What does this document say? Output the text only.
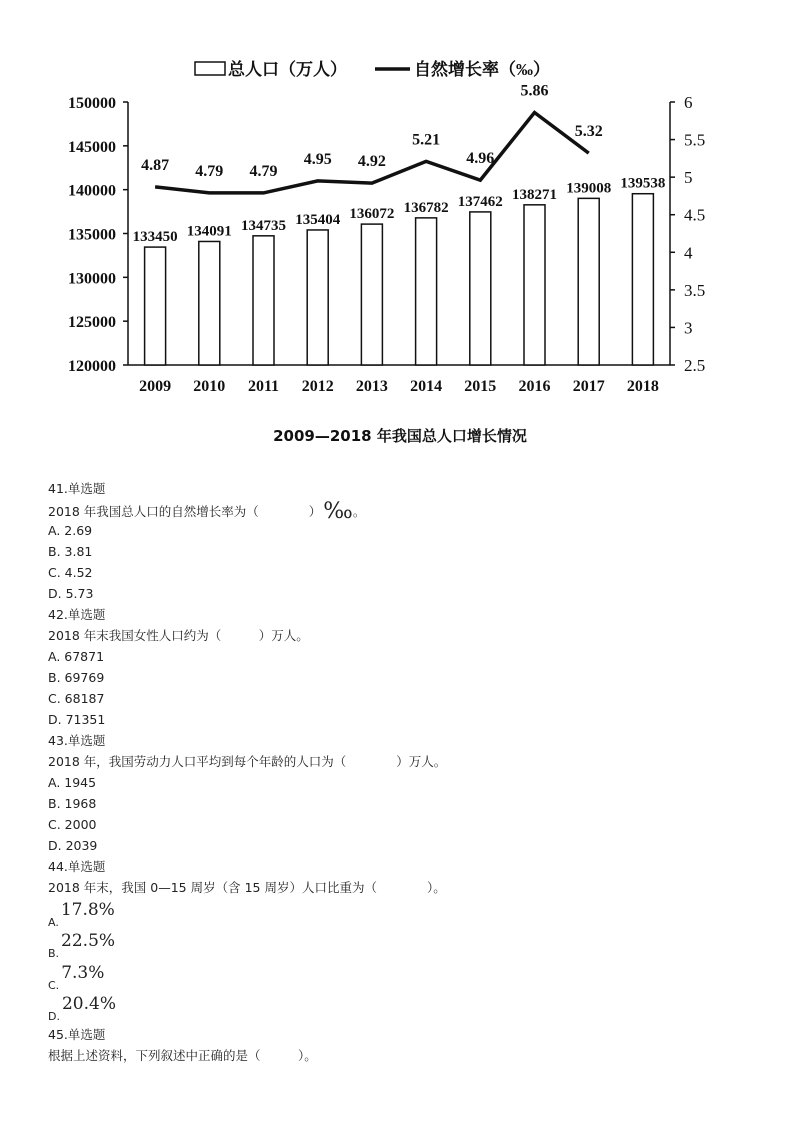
总人口（万人）	自然增长率（‰）
150000
145000
140000
135000
130000
125000
120000
6
5.5
5
4.5
4
3.5
3
2.5
2009 2010 2011 2012 2013 2014 2015 2016 2017 2018
133450 134091 134735 135404 136072 136782 137462 138271 139008 139538
4.87 4.79 4.79
4.95 4.92
5.21
4.96
5.86
5.32
2009—2018 年我国总人口增长情况
41.单选题
2018 年我国总人口的自然增长率为（　　　　）‰。
A. 2.69
B. 3.81
C. 4.52
D. 5.73
42.单选题
2018 年末我国女性人口约为（　　　）万人。
A. 67871
B. 69769
C. 68187
D. 71351
43.单选题
2018 年，我国劳动力人口平均到每个年龄的人口为（　　　　）万人。
A. 1945
B. 1968
C. 2000
D. 2039
44.单选题
2018 年末，我国 0—15 周岁（含 15 周岁）人口比重为（　　　　）。
A.
17.8%
B.
22.5%
C.
7.3%
D.
20.4%
45.单选题
根据上述资料，下列叙述中正确的是（　　　）。
